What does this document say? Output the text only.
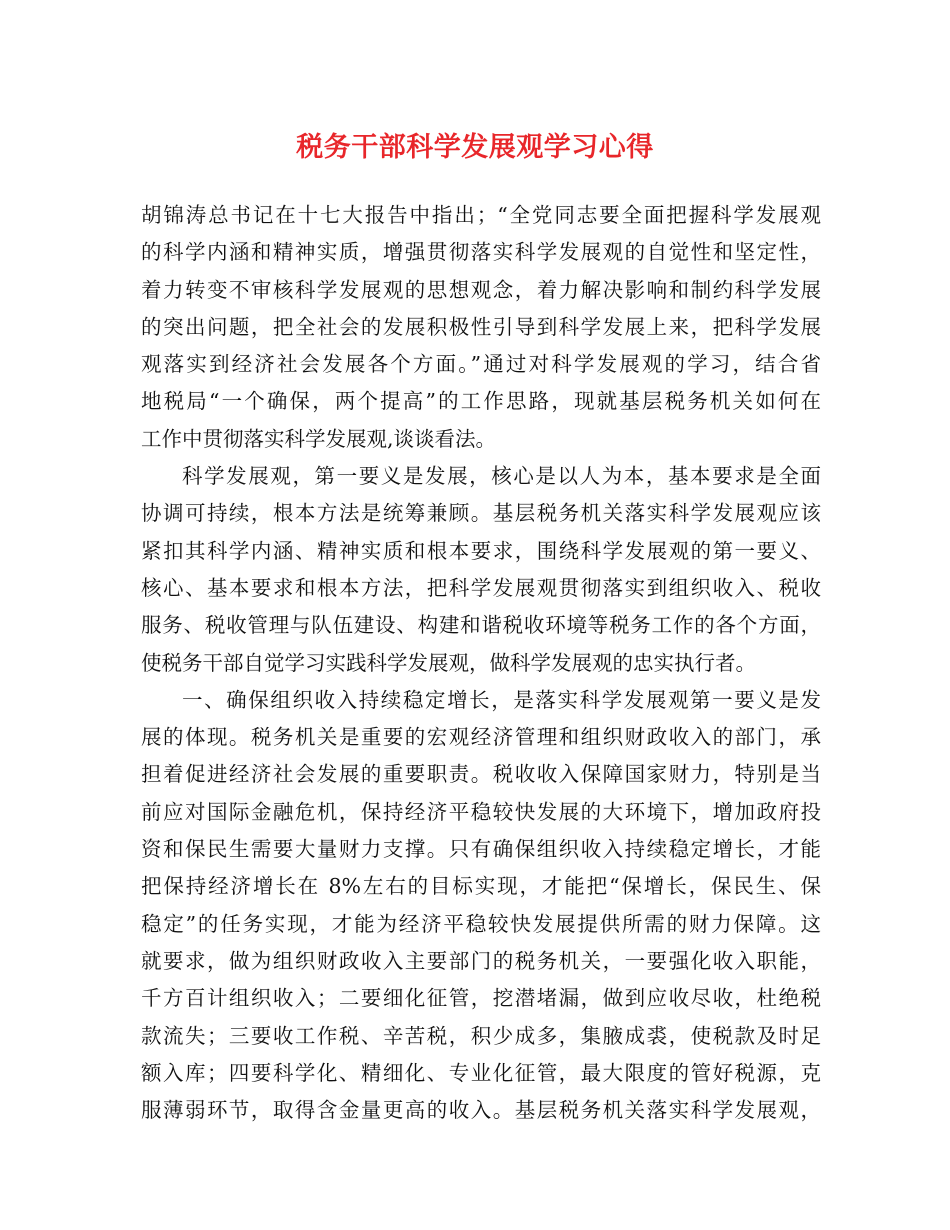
税务干部科学发展观学习心得
胡锦涛总书记在十七大报告中指出；“全党同志要全面把握科学发展观
的科学内涵和精神实质，增强贯彻落实科学发展观的自觉性和坚定性，
着力转变不审核科学发展观的思想观念，着力解决影响和制约科学发展
的突出问题，把全社会的发展积极性引导到科学发展上来，把科学发展
观落实到经济社会发展各个方面。”通过对科学发展观的学习，结合省
地税局“一个确保，两个提高”的工作思路，现就基层税务机关如何在
工作中贯彻落实科学发展观,谈谈看法。
科学发展观，第一要义是发展，核心是以人为本，基本要求是全面
协调可持续，根本方法是统筹兼顾。基层税务机关落实科学发展观应该
紧扣其科学内涵、精神实质和根本要求，围绕科学发展观的第一要义、
核心、基本要求和根本方法，把科学发展观贯彻落实到组织收入、税收
服务、税收管理与队伍建设、构建和谐税收环境等税务工作的各个方面，
使税务干部自觉学习实践科学发展观，做科学发展观的忠实执行者。
一、确保组织收入持续稳定增长，是落实科学发展观第一要义是发
展的体现。税务机关是重要的宏观经济管理和组织财政收入的部门，承
担着促进经济社会发展的重要职责。税收收入保障国家财力，特别是当
前应对国际金融危机，保持经济平稳较快发展的大环境下，增加政府投
资和保民生需要大量财力支撑。只有确保组织收入持续稳定增长，才能
把保持经济增长在 8%左右的目标实现，才能把“保增长，保民生、保
稳定”的任务实现，才能为经济平稳较快发展提供所需的财力保障。这
就要求，做为组织财政收入主要部门的税务机关，一要强化收入职能，
千方百计组织收入；二要细化征管，挖潜堵漏，做到应收尽收，杜绝税
款流失；三要收工作税、辛苦税，积少成多，集腋成裘，使税款及时足
额入库；四要科学化、精细化、专业化征管，最大限度的管好税源，克
服薄弱环节，取得含金量更高的收入。基层税务机关落实科学发展观，
